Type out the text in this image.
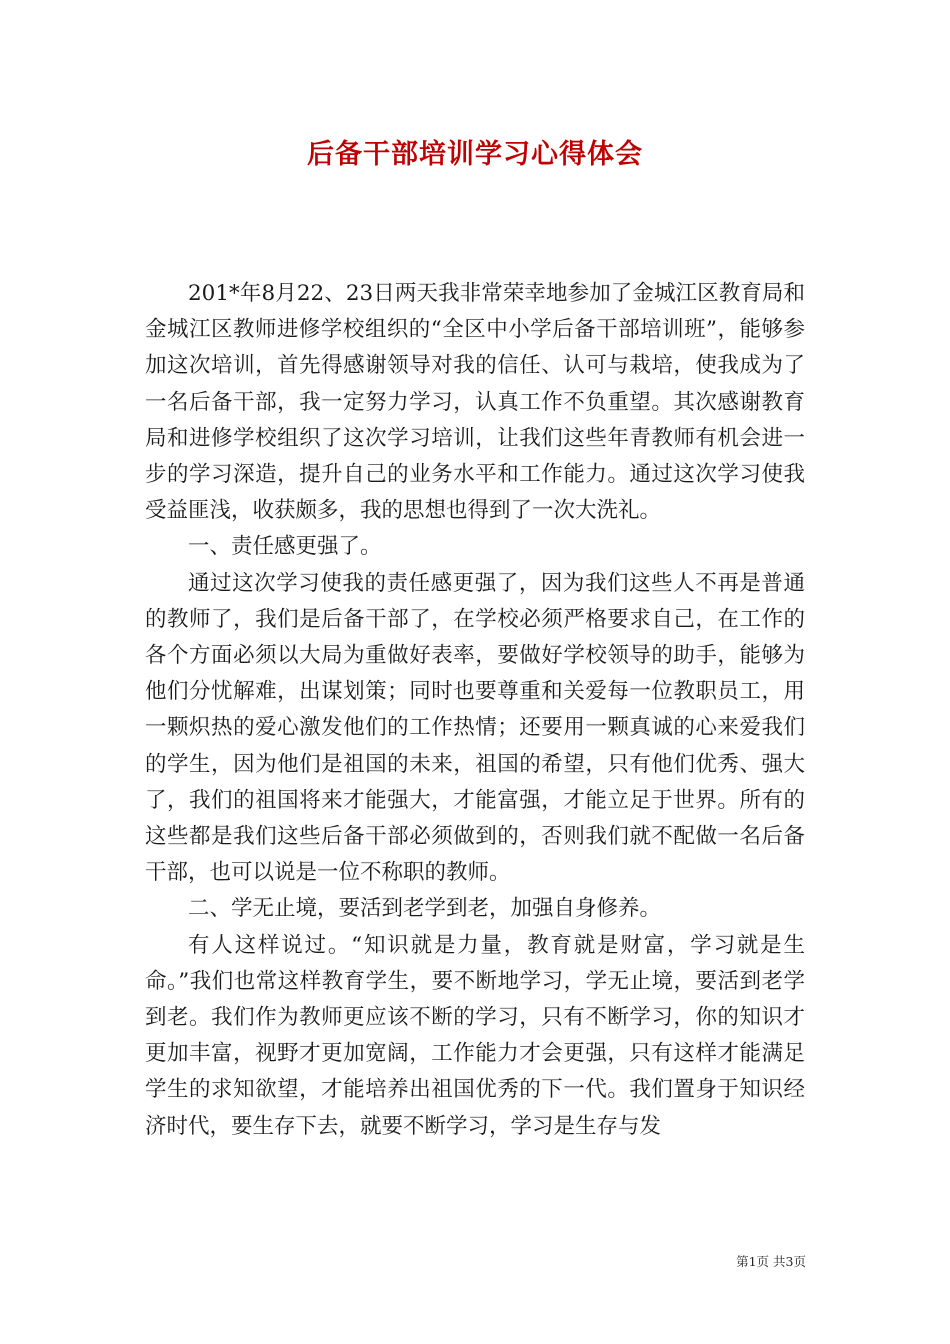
后备干部培训学习心得体会

201*年8月22、23日两天我非常荣幸地参加了金城江区教育局和金城江区教师进修学校组织的“全区中小学后备干部培训班”，能够参加这次培训，首先得感谢领导对我的信任、认可与栽培，使我成为了一名后备干部，我一定努力学习，认真工作不负重望。其次感谢教育局和进修学校组织了这次学习培训，让我们这些年青教师有机会进一步的学习深造，提升自己的业务水平和工作能力。通过这次学习使我受益匪浅，收获颇多，我的思想也得到了一次大洗礼。

一、责任感更强了。

通过这次学习使我的责任感更强了，因为我们这些人不再是普通的教师了，我们是后备干部了，在学校必须严格要求自己，在工作的各个方面必须以大局为重做好表率，要做好学校领导的助手，能够为他们分忧解难，出谋划策；同时也要尊重和关爱每一位教职员工，用一颗炽热的爱心激发他们的工作热情；还要用一颗真诚的心来爱我们的学生，因为他们是祖国的未来，祖国的希望，只有他们优秀、强大了，我们的祖国将来才能强大，才能富强，才能立足于世界。所有的这些都是我们这些后备干部必须做到的，否则我们就不配做一名后备干部，也可以说是一位不称职的教师。

二、学无止境，要活到老学到老，加强自身修养。

有人这样说过。“知识就是力量，教育就是财富，学习就是生命。”我们也常这样教育学生，要不断地学习，学无止境，要活到老学到老。我们作为教师更应该不断的学习，只有不断学习，你的知识才更加丰富，视野才更加宽阔，工作能力才会更强，只有这样才能满足学生的求知欲望，才能培养出祖国优秀的下一代。我们置身于知识经济时代，要生存下去，就要不断学习，学习是生存与发

第1页 共3页
